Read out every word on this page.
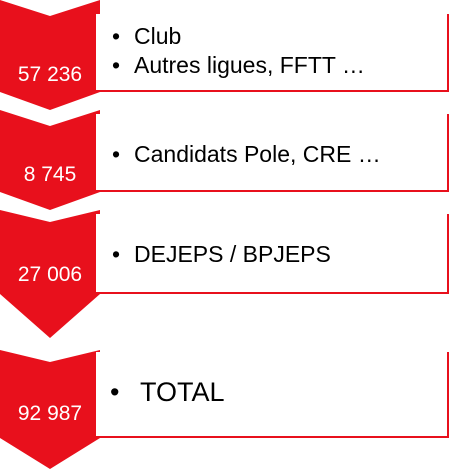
57 236
• Club
• Autres ligues, FFTT …
8 745
• Candidats Pole, CRE …
27 006
• DEJEPS / BPJEPS
92 987
• TOTAL
